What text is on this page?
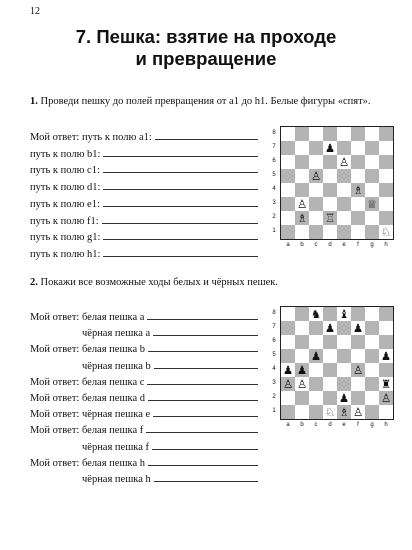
12
7. Пешка: взятие на проходе
и превращение
1. Проведи пешку до полей превращения от a1 до h1. Белые фигуры «спят».
Мой ответ: путь к полю a1:
путь к полю b1:
путь к полю c1:
путь к полю d1:
путь к полю e1:
путь к полю f1:
путь к полю g1:
путь к полю h1:
♟
♙
♙
♗
♕
♙
♗ ♖
♘
2. Покажи все возможные ходы белых и чёрных пешек.
Мой ответ: белая пешка a
чёрная пешка a
Мой ответ: белая пешка b
чёрная пешка b
Мой ответ: белая пешка c
Мой ответ: белая пешка d
Мой ответ: чёрная пешка e
Мой ответ: белая пешка f
чёрная пешка f
Мой ответ: белая пешка h
чёрная пешка h
♞ ♝
♟ ♟
♟	♟
♟ ♟	♙
♙ ♙	♜
♟	♙
♘ ♗ ♙
8
7
6
5
4
3
2
1
a	b	c	d	e	f	g	h
8
7
6
5
4
3
2
1
a	b	c	d	e	f	g	h
